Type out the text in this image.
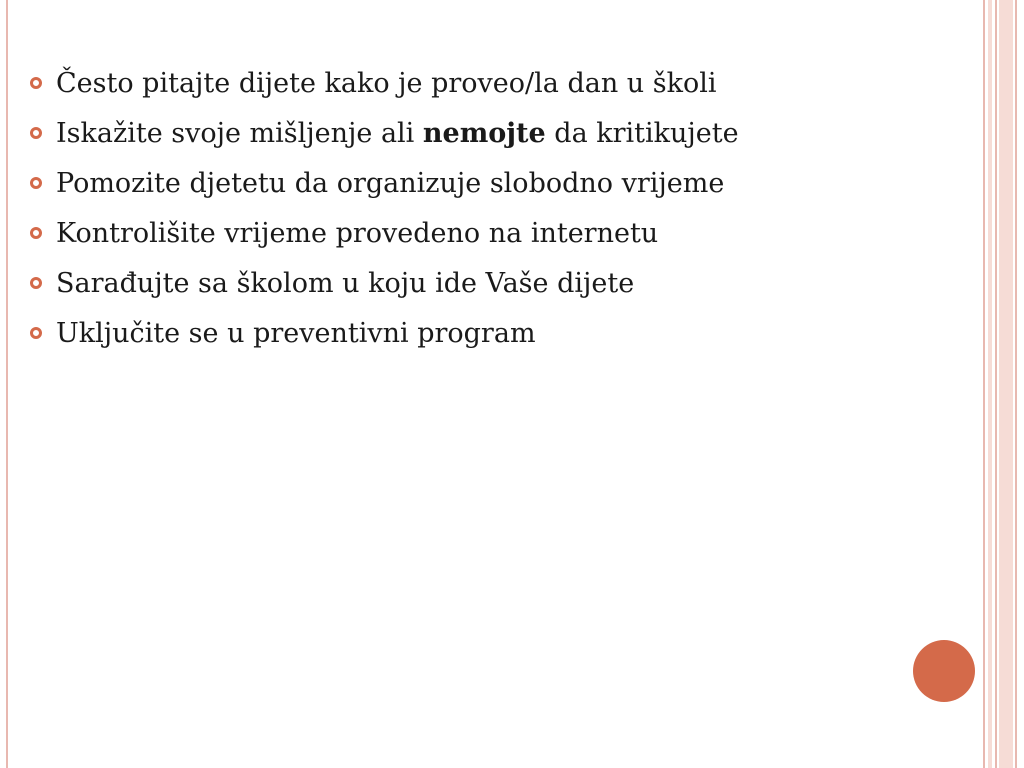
Često pitajte dijete kako je proveo/la dan u školi
Iskažite svoje mišljenje ali nemojte da kritikujete
Pomozite djetetu da organizuje slobodno vrijeme
Kontrolišite vrijeme provedeno na internetu
Sarađujte sa školom u koju ide Vaše dijete
Uključite se u preventivni program
